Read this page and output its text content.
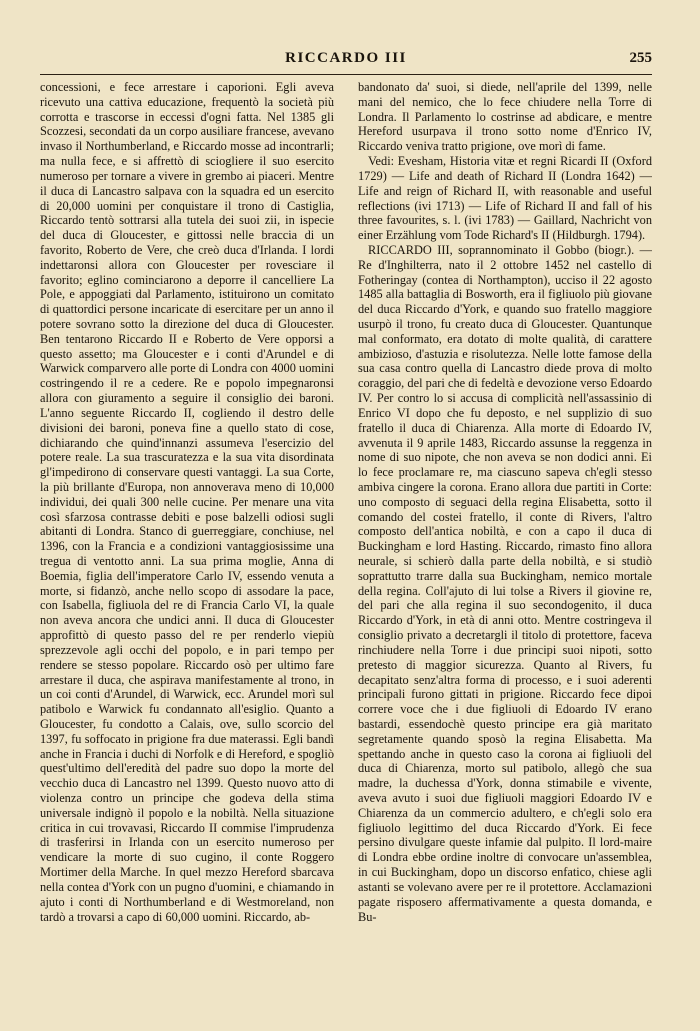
RICCARDO III	255

concessioni, e fece arrestare i caporioni. Egli aveva ricevuto una cattiva educazione, frequentò la società più corrotta e trascorse in eccessi d'ogni fatta. Nel 1385 gli Scozzesi, secondati da un corpo ausiliare francese, avevano invaso il Northumberland, e Riccardo mosse ad incontrarli; ma nulla fece, e si affrettò di sciogliere il suo esercito numeroso per tornare a vivere in grembo ai piaceri. Mentre il duca di Lancastro salpava con la squadra ed un esercito di 20,000 uomini per conquistare il trono di Castiglia, Riccardo tentò sottrarsi alla tutela dei suoi zii, in ispecie del duca di Gloucester, e gittossi nelle braccia di un favorito, Roberto de Vere, che creò duca d'Irlanda. I lordi indettaronsi allora con Gloucester per rovesciare il favorito; eglino cominciarono a deporre il cancelliere La Pole, e appoggiati dal Parlamento, istituirono un comitato di quattordici persone incaricate di esercitare per un anno il potere sovrano sotto la direzione del duca di Gloucester. Ben tentarono Riccardo II e Roberto de Vere opporsi a questo assetto; ma Gloucester e i conti d'Arundel e di Warwick comparvero alle porte di Londra con 4000 uomini costringendo il re a cedere. Re e popolo impegnaronsi allora con giuramento a seguire il consiglio dei baroni. L'anno seguente Riccardo II, cogliendo il destro delle divisioni dei baroni, poneva fine a quello stato di cose, dichiarando che quind'innanzi assumeva l'esercizio del potere reale. La sua trascuratezza e la sua vita disordinata gl'impedirono di conservare questi vantaggi. La sua Corte, la più brillante d'Europa, non annoverava meno di 10,000 individui, dei quali 300 nelle cucine. Per menare una vita così sfarzosa contrasse debiti e pose balzelli odiosi sugli abitanti di Londra. Stanco di guerreggiare, conchiuse, nel 1396, con la Francia e a condizioni vantaggiosissime una tregua di ventotto anni. La sua prima moglie, Anna di Boemia, figlia dell'imperatore Carlo IV, essendo venuta a morte, si fidanzò, anche nello scopo di assodare la pace, con Isabella, figliuola del re di Francia Carlo VI, la quale non aveva ancora che undici anni. Il duca di Gloucester approfittò di questo passo del re per renderlo viepiù sprezzevole agli occhi del popolo, e in pari tempo per rendere se stesso popolare. Riccardo osò per ultimo fare arrestare il duca, che aspirava manifestamente al trono, in un coi conti d'Arundel, di Warwick, ecc. Arundel morì sul patibolo e Warwick fu condannato all'esiglio. Quanto a Gloucester, fu condotto a Calais, ove, sullo scorcio del 1397, fu soffocato in prigione fra due materassi. Egli bandì anche in Francia i duchi di Norfolk e di Hereford, e spogliò quest'ultimo dell'eredità del padre suo dopo la morte del vecchio duca di Lancastro nel 1399. Questo nuovo atto di violenza contro un principe che godeva della stima universale indignò il popolo e la nobiltà. Nella situazione critica in cui trovavasi, Riccardo II commise l'imprudenza di trasferirsi in Irlanda con un esercito numeroso per vendicare la morte di suo cugino, il conte Roggero Mortimer della Marche. In quel mezzo Hereford sbarcava nella contea d'York con un pugno d'uomini, e chiamando in ajuto i conti di Northumberland e di Westmoreland, non tardò a trovarsi a capo di 60,000 uomini. Riccardo, ab-

bandonato da' suoi, si diede, nell'aprile del 1399, nelle mani del nemico, che lo fece chiudere nella Torre di Londra. Il Parlamento lo costrinse ad abdicare, e mentre Hereford usurpava il trono sotto nome d'Enrico IV, Riccardo veniva tratto prigione, ove morì di fame.

Vedi: Evesham, Historia vitæ et regni Ricardi II (Oxford 1729) — Life and death of Richard II (Londra 1642) — Life and reign of Richard II, with reasonable and useful reflections (ivi 1713) — Life of Richard II and fall of his three favourites, s. l. (ivi 1783) — Gaillard, Nachricht von einer Erzählung vom Tode Richard's II (Hildburgh. 1794).

RICCARDO III, soprannominato il Gobbo (biogr.). — Re d'Inghilterra, nato il 2 ottobre 1452 nel castello di Fotheringay (contea di Northampton), ucciso il 22 agosto 1485 alla battaglia di Bosworth, era il figliuolo più giovane del duca Riccardo d'York, e quando suo fratello maggiore usurpò il trono, fu creato duca di Gloucester. Quantunque mal conformato, era dotato di molte qualità, di carattere ambizioso, d'astuzia e risolutezza. Nelle lotte famose della sua casa contro quella di Lancastro diede prova di molto coraggio, del pari che di fedeltà e devozione verso Edoardo IV. Per contro lo si accusa di complicità nell'assassinio di Enrico VI dopo che fu deposto, e nel supplizio di suo fratello il duca di Chiarenza. Alla morte di Edoardo IV, avvenuta il 9 aprile 1483, Riccardo assunse la reggenza in nome di suo nipote, che non aveva se non dodici anni. Ei lo fece proclamare re, ma ciascuno sapeva ch'egli stesso ambiva cingere la corona. Erano allora due partiti in Corte: uno composto di seguaci della regina Elisabetta, sotto il comando del costei fratello, il conte di Rivers, l'altro composto dell'antica nobiltà, e con a capo il duca di Buckingham e lord Hasting. Riccardo, rimasto fino allora neurale, si schierò dalla parte della nobiltà, e si studiò soprattutto trarre dalla sua Buckingham, nemico mortale della regina. Coll'ajuto di lui tolse a Rivers il giovine re, del pari che alla regina il suo secondogenito, il duca Riccardo d'York, in età di anni otto. Mentre costringeva il consiglio privato a decretargli il titolo di protettore, faceva rinchiudere nella Torre i due principi suoi nipoti, sotto pretesto di maggior sicurezza. Quanto al Rivers, fu decapitato senz'altra forma di processo, e i suoi aderenti principali furono gittati in prigione. Riccardo fece dipoi correre voce che i due figliuoli di Edoardo IV erano bastardi, essendochè questo principe era già maritato segretamente quando sposò la regina Elisabetta. Ma spettando anche in questo caso la corona ai figliuoli del duca di Chiarenza, morto sul patibolo, allegò che sua madre, la duchessa d'York, donna stimabile e vivente, aveva avuto i suoi due figliuoli maggiori Edoardo IV e Chiarenza da un commercio adultero, e ch'egli solo era figliuolo legittimo del duca Riccardo d'York. Ei fece persino divulgare queste infamie dal pulpito. Il lord-maire di Londra ebbe ordine inoltre di convocare un'assemblea, in cui Buckingham, dopo un discorso enfatico, chiese agli astanti se volevano avere per re il protettore. Acclamazioni pagate risposero affermativamente a questa domanda, e Bu-
